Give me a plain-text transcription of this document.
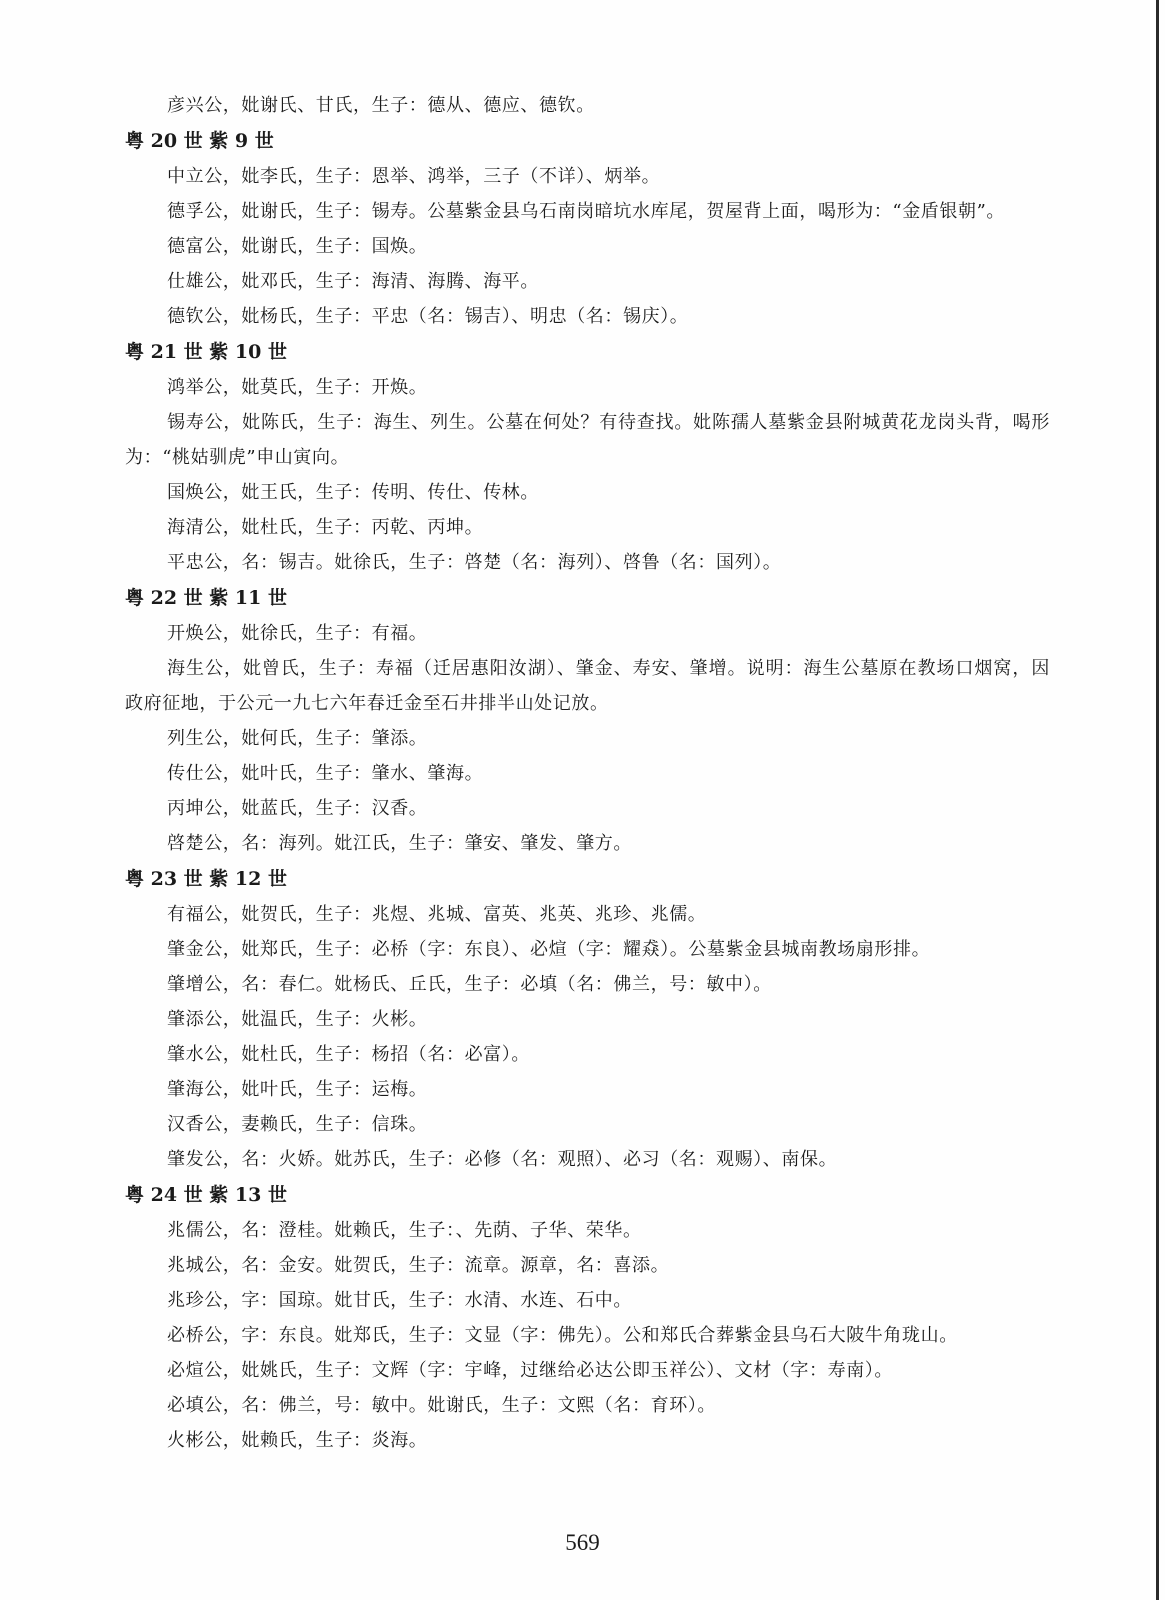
彦兴公，妣谢氏、甘氏，生子：德从、德应、德钦。

粤 20 世 紫 9 世

中立公，妣李氏，生子：恩举、鸿举，三子（不详）、炳举。

德孚公，妣谢氏，生子：锡寿。公墓紫金县乌石南岗暗坑水库尾，贺屋背上面，喝形为：“金盾银朝”。

德富公，妣谢氏，生子：国焕。

仕雄公，妣邓氏，生子：海清、海腾、海平。

德钦公，妣杨氏，生子：平忠（名：锡吉）、明忠（名：锡庆）。

粤 21 世 紫 10 世

鸿举公，妣莫氏，生子：开焕。

锡寿公，妣陈氏，生子：海生、列生。公墓在何处？有待查找。妣陈孺人墓紫金县附城黄花龙岗头背，喝形为：“桃姑驯虎”申山寅向。

国焕公，妣王氏，生子：传明、传仕、传林。

海清公，妣杜氏，生子：丙乾、丙坤。

平忠公，名：锡吉。妣徐氏，生子：啓楚（名：海列）、啓鲁（名：国列）。

粤 22 世 紫 11 世

开焕公，妣徐氏，生子：有福。

海生公，妣曾氏，生子：寿福（迁居惠阳汝湖）、肇金、寿安、肇增。说明：海生公墓原在教场口烟窝，因政府征地，于公元一九七六年春迁金至石井排半山处记放。

列生公，妣何氏，生子：肇添。

传仕公，妣叶氏，生子：肇水、肇海。

丙坤公，妣蓝氏，生子：汉香。

啓楚公，名：海列。妣江氏，生子：肇安、肇发、肇方。

粤 23 世 紫 12 世

有福公，妣贺氏，生子：兆煜、兆城、富英、兆英、兆珍、兆儒。

肇金公，妣郑氏，生子：必桥（字：东良）、必煊（字：耀猋）。公墓紫金县城南教场扇形排。

肇增公，名：春仁。妣杨氏、丘氏，生子：必填（名：佛兰，号：敏中）。

肇添公，妣温氏，生子：火彬。

肇水公，妣杜氏，生子：杨招（名：必富）。

肇海公，妣叶氏，生子：运梅。

汉香公，妻赖氏，生子：信珠。

肇发公，名：火娇。妣苏氏，生子：必修（名：观照）、必习（名：观赐）、南保。

粤 24 世 紫 13 世

兆儒公，名：澄桂。妣赖氏，生子：、先荫、子华、荣华。

兆城公，名：金安。妣贺氏，生子：流章。源章，名：喜添。

兆珍公，字：国琼。妣甘氏，生子：水清、水连、石中。

必桥公，字：东良。妣郑氏，生子：文显（字：佛先）。公和郑氏合葬紫金县乌石大陂牛角珑山。

必煊公，妣姚氏，生子：文辉（字：宇峰，过继给必达公即玉祥公）、文材（字：寿南）。

必填公，名：佛兰，号：敏中。妣谢氏，生子：文熙（名：育环）。

火彬公，妣赖氏，生子：炎海。

569
